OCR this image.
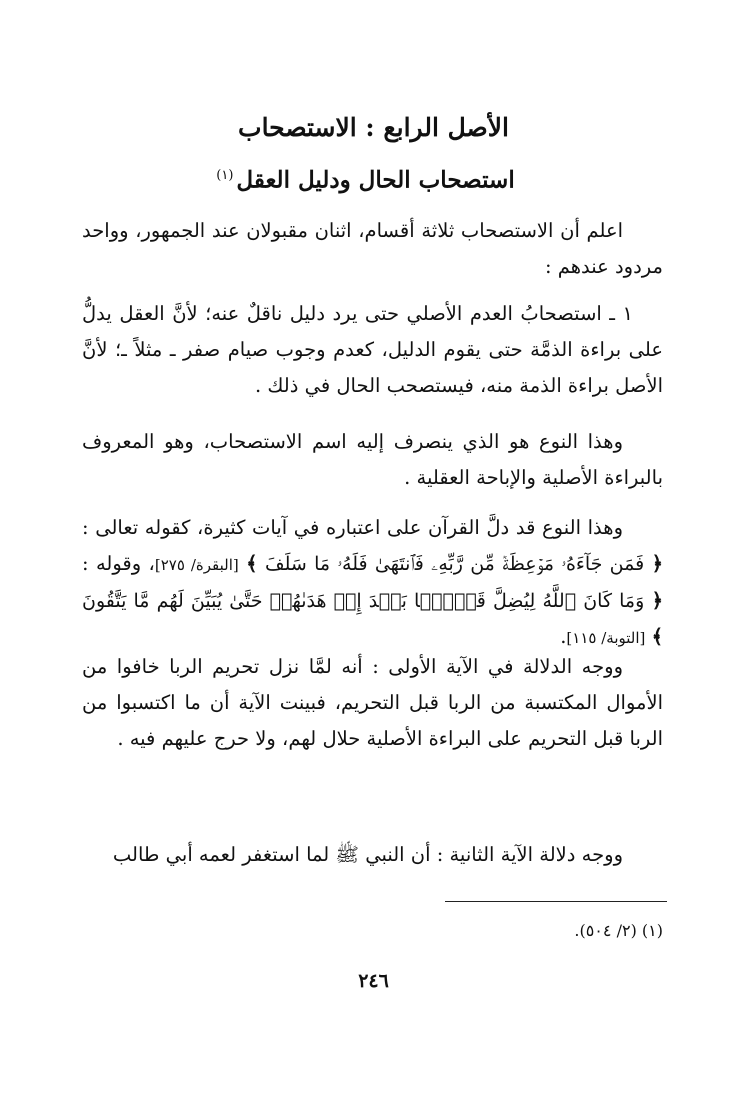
الأصل الرابع : الاستصحاب
استصحاب الحال ودليل العقل$^{(١)}$
اعلم أن الاستصحاب ثلاثة أقسام، اثنان مقبولان عند الجمهور، وواحد مردود عندهم :
١ ـ استصحابُ العدم الأصلي حتى يرد دليل ناقلٌ عنه؛ لأنَّ العقل يدلُّ على براءة الذمَّة حتى يقوم الدليل، كعدم وجوب صيام صفر ـ مثلاً ـ؛ لأنَّ الأصل براءة الذمة منه، فيستصحب الحال في ذلك .
وهذا النوع هو الذي ينصرف إليه اسم الاستصحاب، وهو المعروف بالبراءة الأصلية والإباحة العقلية .
وهذا النوع قد دلَّ القرآن على اعتباره في آيات كثيرة، كقوله تعالى : ﴿ فَمَن جَآءَهُۥ مَوۡعِظَةٞ مِّن رَّبِّهِۦ فَٱنتَهَىٰ فَلَهُۥ مَا سَلَفَ ﴾ [البقرة/ ٢٧٥]، وقوله : ﴿ وَمَا كَانَ ٱللَّهُ لِيُضِلَّ قَوۡمَۢا بَعۡدَ إِذۡ هَدَىٰهُمۡ حَتَّىٰ يُبَيِّنَ لَهُم مَّا يَتَّقُونَ ﴾ [التوبة/ ١١٥].
ووجه الدلالة في الآية الأولى : أنه لمَّا نزل تحريم الربا خافوا من الأموال المكتسبة من الربا قبل التحريم، فبينت الآية أن ما اكتسبوا من الربا قبل التحريم على البراءة الأصلية حلال لهم، ولا حرج عليهم فيه .
ووجه دلالة الآية الثانية : أن النبي ﷺ لما استغفر لعمه أبي طالب
(١) (٢/ ٥٠٤).
٢٤٦
